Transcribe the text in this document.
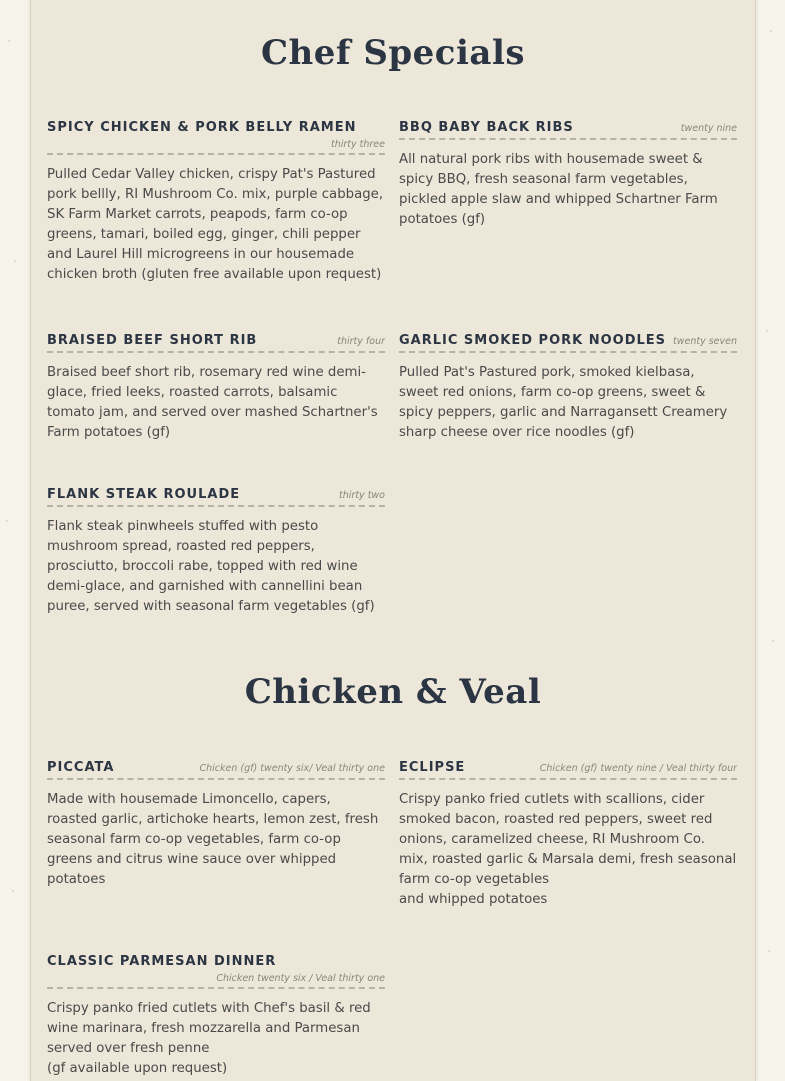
Chef Specials
SPICY CHICKEN & PORK BELLY RAMEN
thirty three
Pulled Cedar Valley chicken, crispy Pat's Pastured pork bellly, RI Mushroom Co. mix, purple cabbage, SK Farm Market carrots, peapods, farm co-op greens, tamari, boiled egg, ginger, chili pepper and Laurel Hill microgreens in our housemade chicken broth (gluten free available upon request)
BBQ BABY BACK RIBS	twenty nine
All natural pork ribs with housemade sweet & spicy BBQ, fresh seasonal farm vegetables, pickled apple slaw and whipped Schartner Farm potatoes (gf)
BRAISED BEEF SHORT RIB	thirty four
Braised beef short rib, rosemary red wine demi-glace, fried leeks, roasted carrots, balsamic tomato jam, and served over mashed Schartner's Farm potatoes (gf)
GARLIC SMOKED PORK NOODLES twenty seven
Pulled Pat's Pastured pork, smoked kielbasa, sweet red onions, farm co-op greens, sweet & spicy peppers, garlic and Narragansett Creamery sharp cheese over rice noodles (gf)
FLANK STEAK ROULADE	thirty two
Flank steak pinwheels stuffed with pesto mushroom spread, roasted red peppers, prosciutto, broccoli rabe, topped with red wine demi-glace, and garnished with cannellini bean puree, served with seasonal farm vegetables (gf)
Chicken & Veal
PICCATA	Chicken (gf) twenty six/ Veal thirty one
Made with housemade Limoncello, capers, roasted garlic, artichoke hearts, lemon zest, fresh seasonal farm co-op vegetables, farm co-op greens and citrus wine sauce over whipped potatoes
ECLIPSE	Chicken (gf) twenty nine / Veal thirty four
Crispy panko fried cutlets with scallions, cider smoked bacon, roasted red peppers, sweet red onions, caramelized cheese, RI Mushroom Co. mix, roasted garlic & Marsala demi, fresh seasonal farm co-op vegetables
and whipped potatoes
CLASSIC PARMESAN DINNER
Chicken twenty six / Veal thirty one
Crispy panko fried cutlets with Chef's basil & red wine marinara, fresh mozzarella and Parmesan served over fresh penne
(gf available upon request)
